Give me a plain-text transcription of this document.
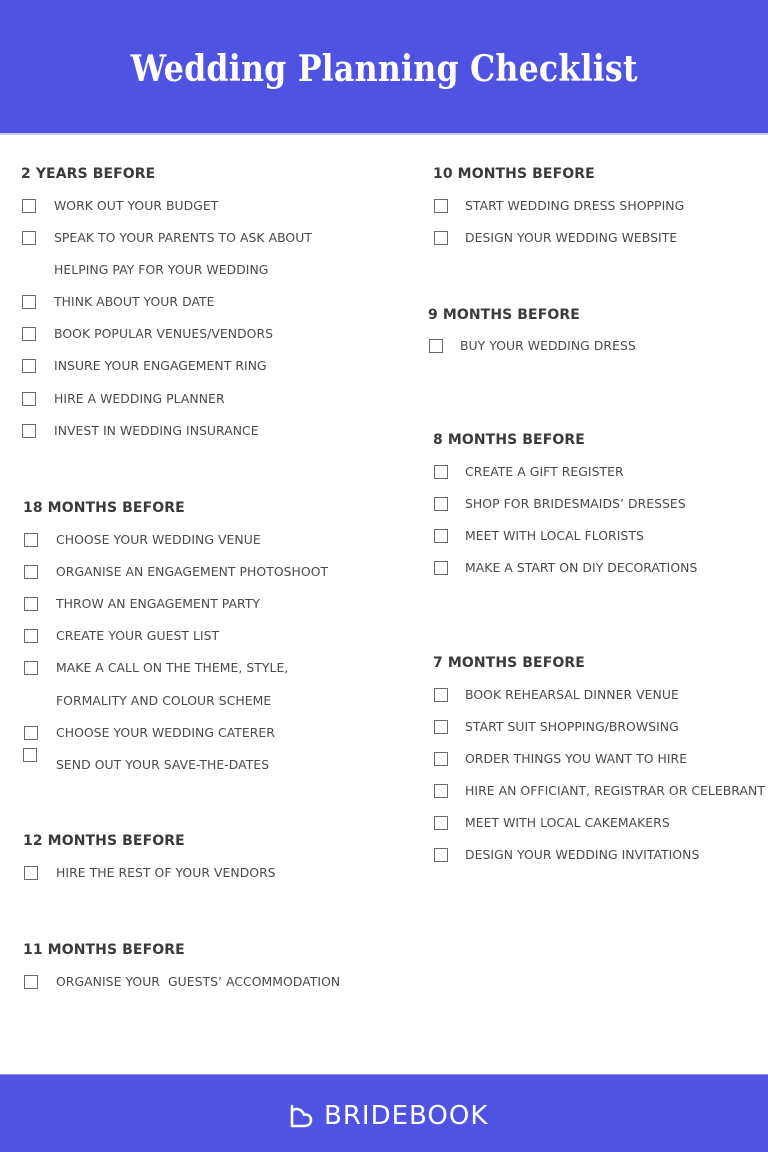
Wedding Planning Checklist
2 YEARS BEFORE
WORK OUT YOUR BUDGET
SPEAK TO YOUR PARENTS TO ASK ABOUT
HELPING PAY FOR YOUR WEDDING
THINK ABOUT YOUR DATE
BOOK POPULAR VENUES/VENDORS
INSURE YOUR ENGAGEMENT RING
HIRE A WEDDING PLANNER
INVEST IN WEDDING INSURANCE
18 MONTHS BEFORE
CHOOSE YOUR WEDDING VENUE
ORGANISE AN ENGAGEMENT PHOTOSHOOT
THROW AN ENGAGEMENT PARTY
CREATE YOUR GUEST LIST
MAKE A CALL ON THE THEME, STYLE,
FORMALITY AND COLOUR SCHEME
CHOOSE YOUR WEDDING CATERER
SEND OUT YOUR SAVE-THE-DATES
12 MONTHS BEFORE
HIRE THE REST OF YOUR VENDORS
11 MONTHS BEFORE
ORGANISE YOUR  GUESTS’ ACCOMMODATION
10 MONTHS BEFORE
START WEDDING DRESS SHOPPING
DESIGN YOUR WEDDING WEBSITE
9 MONTHS BEFORE
BUY YOUR WEDDING DRESS
8 MONTHS BEFORE
CREATE A GIFT REGISTER
SHOP FOR BRIDESMAIDS’ DRESSES
MEET WITH LOCAL FLORISTS
MAKE A START ON DIY DECORATIONS
7 MONTHS BEFORE
BOOK REHEARSAL DINNER VENUE
START SUIT SHOPPING/BROWSING
ORDER THINGS YOU WANT TO HIRE
HIRE AN OFFICIANT, REGISTRAR OR CELEBRANT
MEET WITH LOCAL CAKEMAKERS
DESIGN YOUR WEDDING INVITATIONS
BRIDEBOOK
